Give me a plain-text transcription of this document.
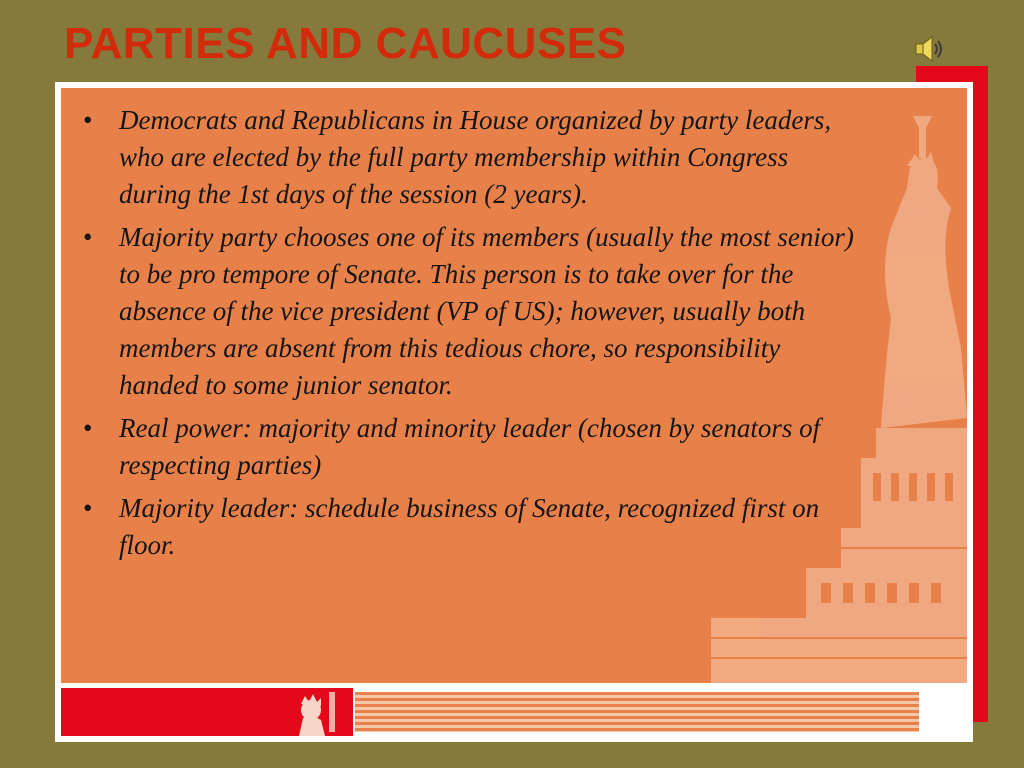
PARTIES AND CAUCUSES
• Democrats and Republicans in House organized by party leaders, who are elected by the full party membership within Congress during the 1st days of the session (2 years).
• Majority party chooses one of its members (usually the most senior) to be pro tempore of Senate. This person is to take over for the absence of the vice president (VP of US); however, usually both members are absent from this tedious chore, so responsibility handed to some junior senator.
• Real power: majority and minority leader (chosen by senators of respecting parties)
• Majority leader: schedule business of Senate, recognized first on floor.
